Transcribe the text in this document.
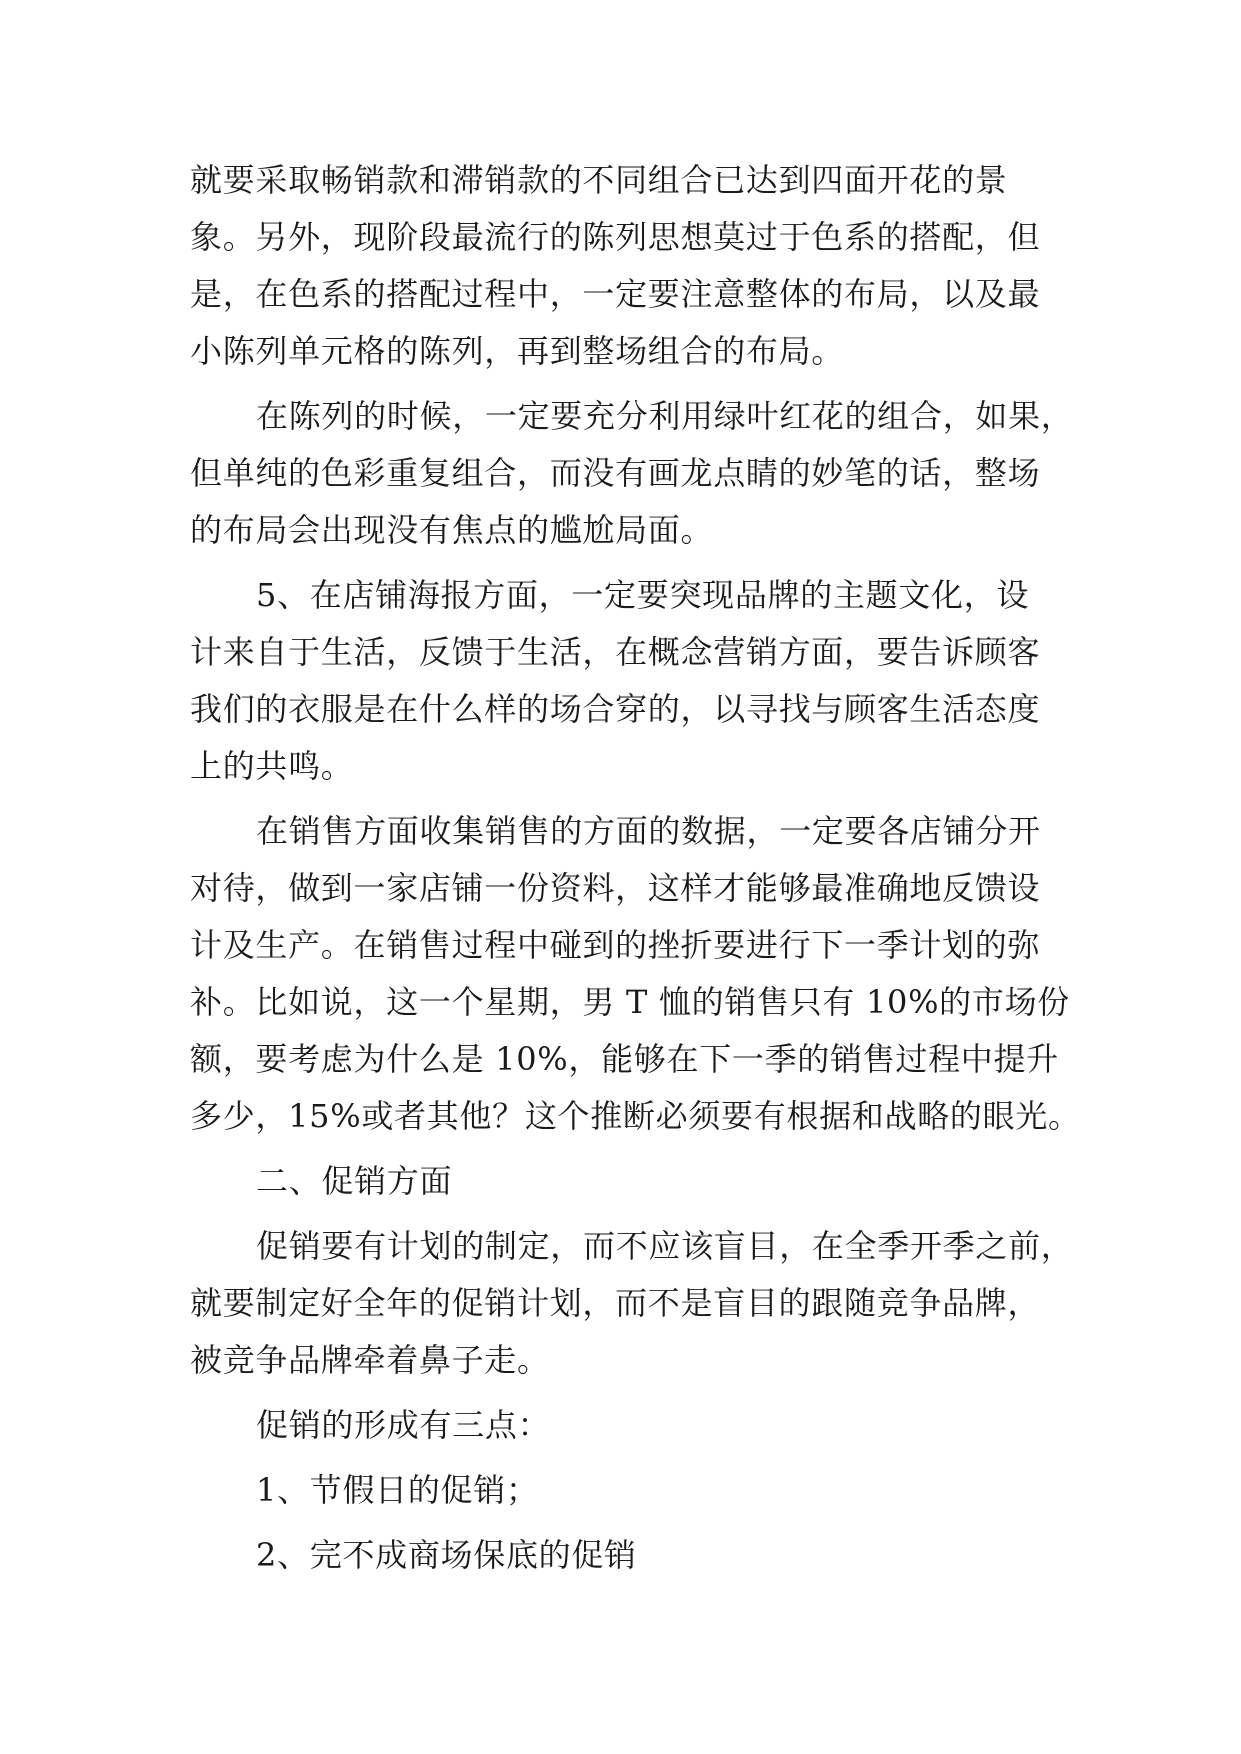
就要采取畅销款和滞销款的不同组合已达到四面开花的景
象。另外，现阶段最流行的陈列思想莫过于色系的搭配，但
是，在色系的搭配过程中，一定要注意整体的布局，以及最
小陈列单元格的陈列，再到整场组合的布局。
在陈列的时候，一定要充分利用绿叶红花的组合，如果，
但单纯的色彩重复组合，而没有画龙点睛的妙笔的话，整场
的布局会出现没有焦点的尴尬局面。
5、在店铺海报方面，一定要突现品牌的主题文化，设
计来自于生活，反馈于生活，在概念营销方面，要告诉顾客
我们的衣服是在什么样的场合穿的，以寻找与顾客生活态度
上的共鸣。
在销售方面收集销售的方面的数据，一定要各店铺分开
对待，做到一家店铺一份资料，这样才能够最准确地反馈设
计及生产。在销售过程中碰到的挫折要进行下一季计划的弥
补。比如说，这一个星期，男 T 恤的销售只有 10%的市场份
额，要考虑为什么是 10%，能够在下一季的销售过程中提升
多少，15%或者其他？这个推断必须要有根据和战略的眼光。
二、促销方面
促销要有计划的制定，而不应该盲目，在全季开季之前，
就要制定好全年的促销计划，而不是盲目的跟随竞争品牌，
被竞争品牌牵着鼻子走。
促销的形成有三点：
1、节假日的促销；
2、完不成商场保底的促销
